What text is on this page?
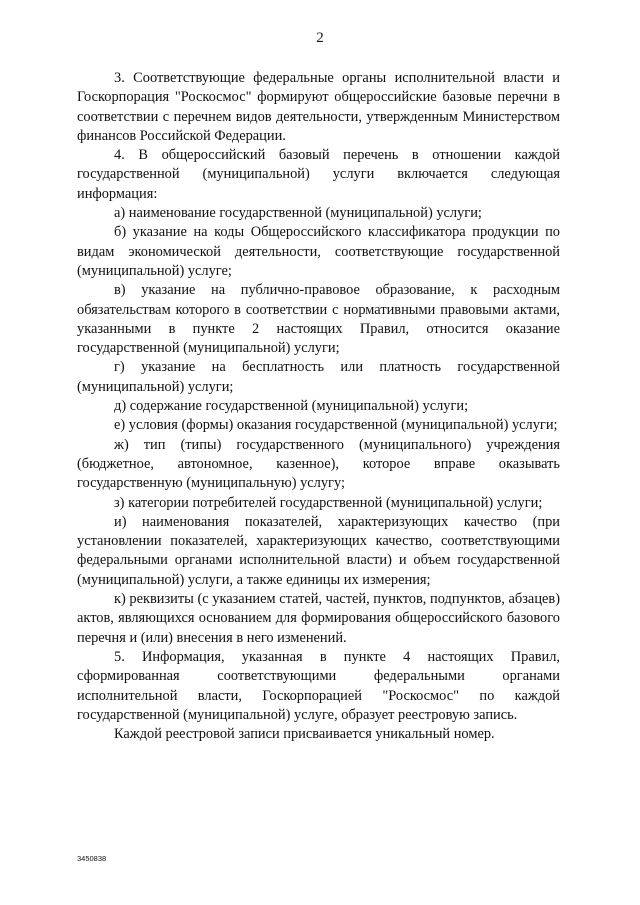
2

3. Соответствующие федеральные органы исполнительной власти и Госкорпорация "Роскосмос" формируют общероссийские базовые перечни в соответствии с перечнем видов деятельности, утвержденным Министерством финансов Российской Федерации.

4. В общероссийский базовый перечень в отношении каждой государственной (муниципальной) услуги включается следующая информация:

а) наименование государственной (муниципальной) услуги;

б) указание на коды Общероссийского классификатора продукции по видам экономической деятельности, соответствующие государственной (муниципальной) услуге;

в) указание на публично-правовое образование, к расходным обязательствам которого в соответствии с нормативными правовыми актами, указанными в пункте 2 настоящих Правил, относится оказание государственной (муниципальной) услуги;

г) указание на бесплатность или платность государственной (муниципальной) услуги;

д) содержание государственной (муниципальной) услуги;

е) условия (формы) оказания государственной (муниципальной) услуги;

ж) тип (типы) государственного (муниципального) учреждения (бюджетное, автономное, казенное), которое вправе оказывать государственную (муниципальную) услугу;

з) категории потребителей государственной (муниципальной) услуги;

и) наименования показателей, характеризующих качество (при установлении показателей, характеризующих качество, соответствующими федеральными органами исполнительной власти) и объем государственной (муниципальной) услуги, а также единицы их измерения;

к) реквизиты (с указанием статей, частей, пунктов, подпунктов, абзацев) актов, являющихся основанием для формирования общероссийского базового перечня и (или) внесения в него изменений.

5. Информация, указанная в пункте 4 настоящих Правил, сформированная соответствующими федеральными органами исполнительной власти, Госкорпорацией "Роскосмос" по каждой государственной (муниципальной) услуге, образует реестровую запись.

Каждой реестровой записи присваивается уникальный номер.

3450838
